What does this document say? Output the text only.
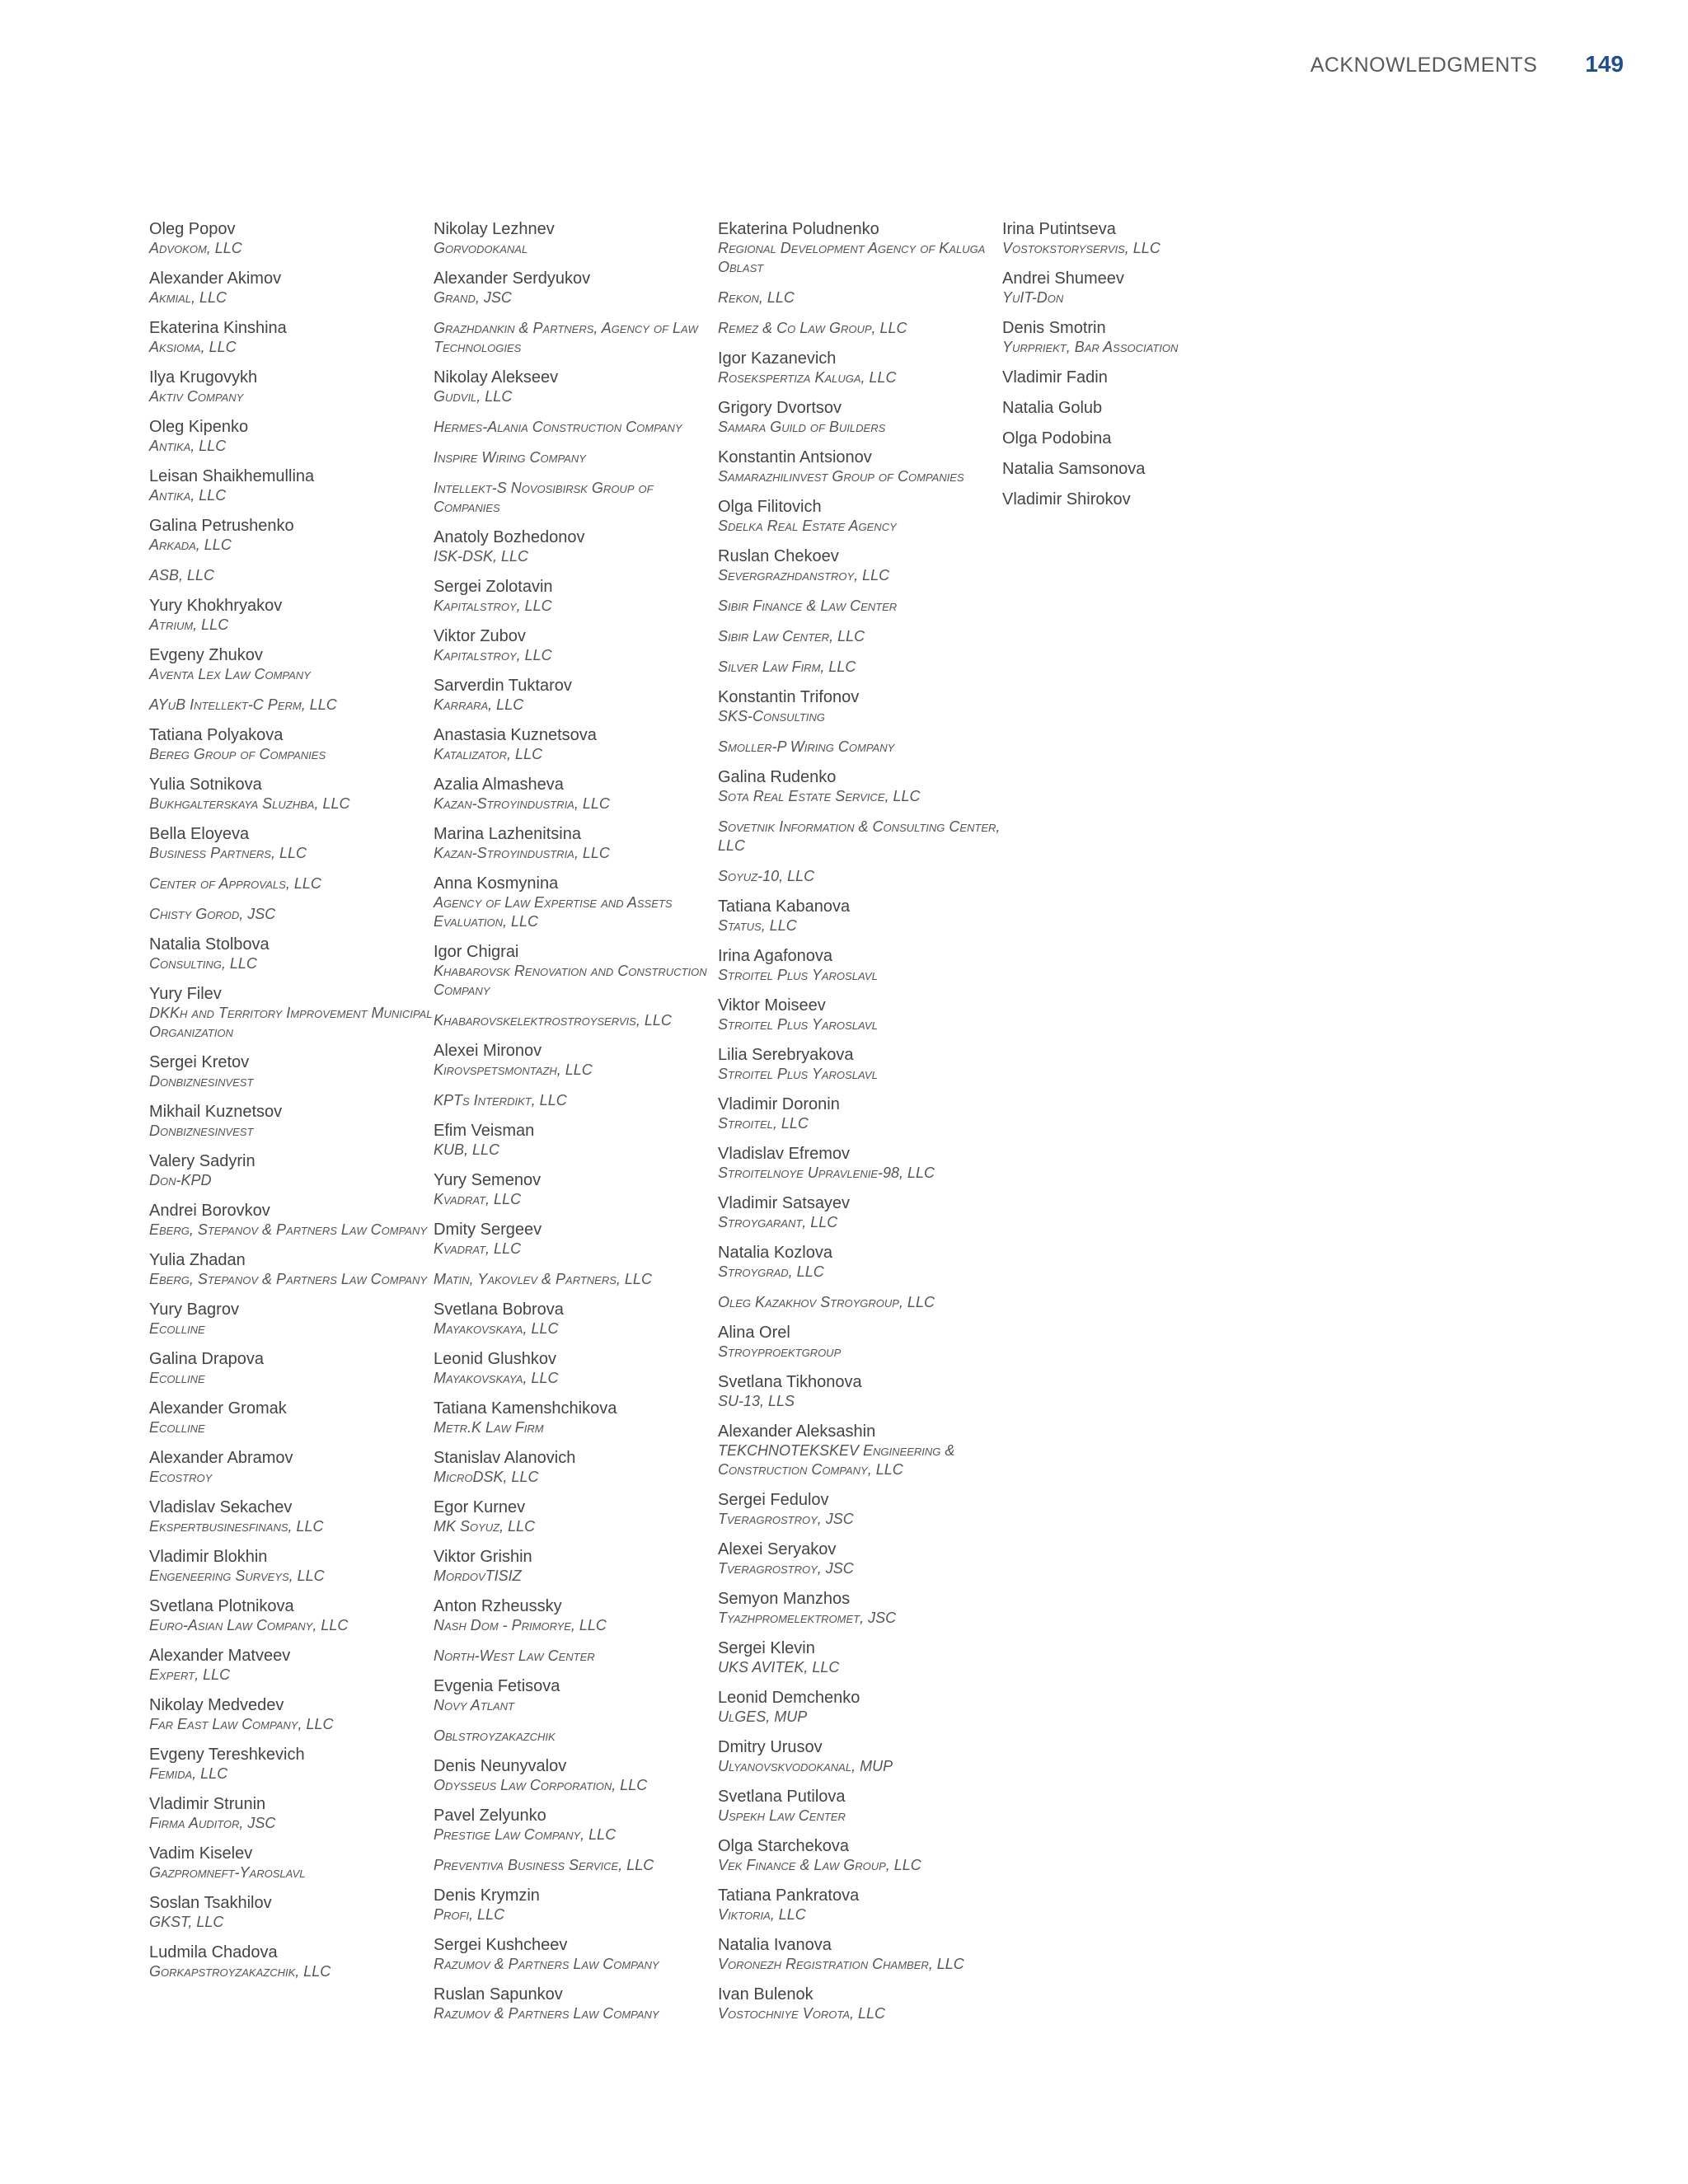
ACKNOWLEDGMENTS 149
Oleg Popov
Advokom, LLC
Alexander Akimov
Akmial, LLC
Ekaterina Kinshina
Aksioma, LLC
Ilya Krugovykh
Aktiv Company
Oleg Kipenko
Antika, LLC
Leisan Shaikhemullina
Antika, LLC
Galina Petrushenko
Arkada, LLC
ASB, LLC
Yury Khokhryakov
Atrium, LLC
Evgeny Zhukov
Aventa Lex Law Company
AYuB Intellekt-C Perm, LLC
Tatiana Polyakova
Bereg Group of Companies
Yulia Sotnikova
Bukhgalterskaya Sluzhba, LLC
Bella Eloyeva
Business Partners, LLC
Center of Approvals, LLC
Chisty Gorod, JSC
Natalia Stolbova
Consulting, LLC
Yury Filev
DKKh and Territory Improvement Municipal Organization
Sergei Kretov
Donbiznesinvest
Mikhail Kuznetsov
Donbiznesinvest
Valery Sadyrin
Don-KPD
Andrei Borovkov
Eberg, Stepanov & Partners Law Company
Yulia Zhadan
Eberg, Stepanov & Partners Law Company
Yury Bagrov
Ecolline
Galina Drapova
Ecolline
Alexander Gromak
Ecolline
Alexander Abramov
Ecostroy
Vladislav Sekachev
Ekspertbusinesfinans, LLC
Vladimir Blokhin
Engeneering Surveys, LLC
Svetlana Plotnikova
Euro-Asian Law Company, LLC
Alexander Matveev
Expert, LLC
Nikolay Medvedev
Far East Law Company, LLC
Evgeny Tereshkevich
Femida, LLC
Vladimir Strunin
Firma Auditor, JSC
Vadim Kiselev
Gazpromneft-Yaroslavl
Soslan Tsakhilov
GKST, LLC
Ludmila Chadova
Gorkapstroyzakazchik, LLC
Nikolay Lezhnev
Gorvodokanal
Alexander Serdyukov
Grand, JSC
Grazhdankin & Partners, Agency of Law Technologies
Nikolay Alekseev
Gudvil, LLC
Hermes-Alania Construction Company
Inspire Wiring Company
Intellekt-S Novosibirsk Group of Companies
Anatoly Bozhedonov
ISK-DSK, LLC
Sergei Zolotavin
Kapitalstroy, LLC
Viktor Zubov
Kapitalstroy, LLC
Sarverdin Tuktarov
Karrara, LLC
Anastasia Kuznetsova
Katalizator, LLC
Azalia Almasheva
Kazan-Stroyindustria, LLC
Marina Lazhenitsina
Kazan-Stroyindustria, LLC
Anna Kosmynina
Agency of Law Expertise and Assets Evaluation, LLC
Igor Chigrai
Khabarovsk Renovation and Construction Company
Khabarovskelektrostroyservis, LLC
Alexei Mironov
Kirovspetsmontazh, LLC
KPTs Interdikt, LLC
Efim Veisman
KUB, LLC
Yury Semenov
Kvadrat, LLC
Dmity Sergeev
Kvadrat, LLC
Matin, Yakovlev & Partners, LLC
Svetlana Bobrova
Mayakovskaya, LLC
Leonid Glushkov
Mayakovskaya, LLC
Tatiana Kamenshchikova
Metr.K Law Firm
Stanislav Alanovich
MicroDSK, LLC
Egor Kurnev
MK Soyuz, LLC
Viktor Grishin
MordovTISIZ
Anton Rzheussky
Nash Dom - Primorye, LLC
North-West Law Center
Evgenia Fetisova
Novy Atlant
Oblstroyzakazchik
Denis Neunyvalov
Odysseus Law Corporation, LLC
Pavel Zelyunko
Prestige Law Company, LLC
Preventiva Business Service, LLC
Denis Krymzin
Profi, LLC
Sergei Kushcheev
Razumov & Partners Law Company
Ruslan Sapunkov
Razumov & Partners Law Company
Ekaterina Poludnenko
Regional Development Agency of Kaluga Oblast
Rekon, LLC
Remez & Co Law Group, LLC
Igor Kazanevich
Rosekspertiza Kaluga, LLC
Grigory Dvortsov
Samara Guild of Builders
Konstantin Antsionov
Samarazhilinvest Group of Companies
Olga Filitovich
Sdelka Real Estate Agency
Ruslan Chekoev
Severgrazhdanstroy, LLC
Sibir Finance & Law Center
Sibir Law Center, LLC
Silver Law Firm, LLC
Konstantin Trifonov
SKS-Consulting
Smoller-P Wiring Company
Galina Rudenko
Sota Real Estate Service, LLC
Sovetnik Information & Consulting Center, LLC
Soyuz-10, LLC
Tatiana Kabanova
Status, LLC
Irina Agafonova
Stroitel Plus Yaroslavl
Viktor Moiseev
Stroitel Plus Yaroslavl
Lilia Serebryakova
Stroitel Plus Yaroslavl
Vladimir Doronin
Stroitel, LLC
Vladislav Efremov
Stroitelnoye Upravlenie-98, LLC
Vladimir Satsayev
Stroygarant, LLC
Natalia Kozlova
Stroygrad, LLC
Oleg Kazakhov Stroygroup, LLC
Alina Orel
Stroyproektgroup
Svetlana Tikhonova
SU-13, LLS
Alexander Aleksashin
TEKCHNOTEKSKEV Engineering & Construction Company, LLC
Sergei Fedulov
Tveragrostroy, JSC
Alexei Seryakov
Tveragrostroy, JSC
Semyon Manzhos
Tyazhpromelektromet, JSC
Sergei Klevin
UKS AVITEK, LLC
Leonid Demchenko
UlGES, MUP
Dmitry Urusov
Ulyanovskvodokanal, MUP
Svetlana Putilova
Uspekh Law Center
Olga Starchekova
Vek Finance & Law Group, LLC
Tatiana Pankratova
Viktoria, LLC
Natalia Ivanova
Voronezh Registration Chamber, LLC
Ivan Bulenok
Vostochniye Vorota, LLC
Irina Putintseva
Vostokstoryservis, LLC
Andrei Shumeev
YuIT-Don
Denis Smotrin
Yurpriekt, Bar Association
Vladimir Fadin
Natalia Golub
Olga Podobina
Natalia Samsonova
Vladimir Shirokov
